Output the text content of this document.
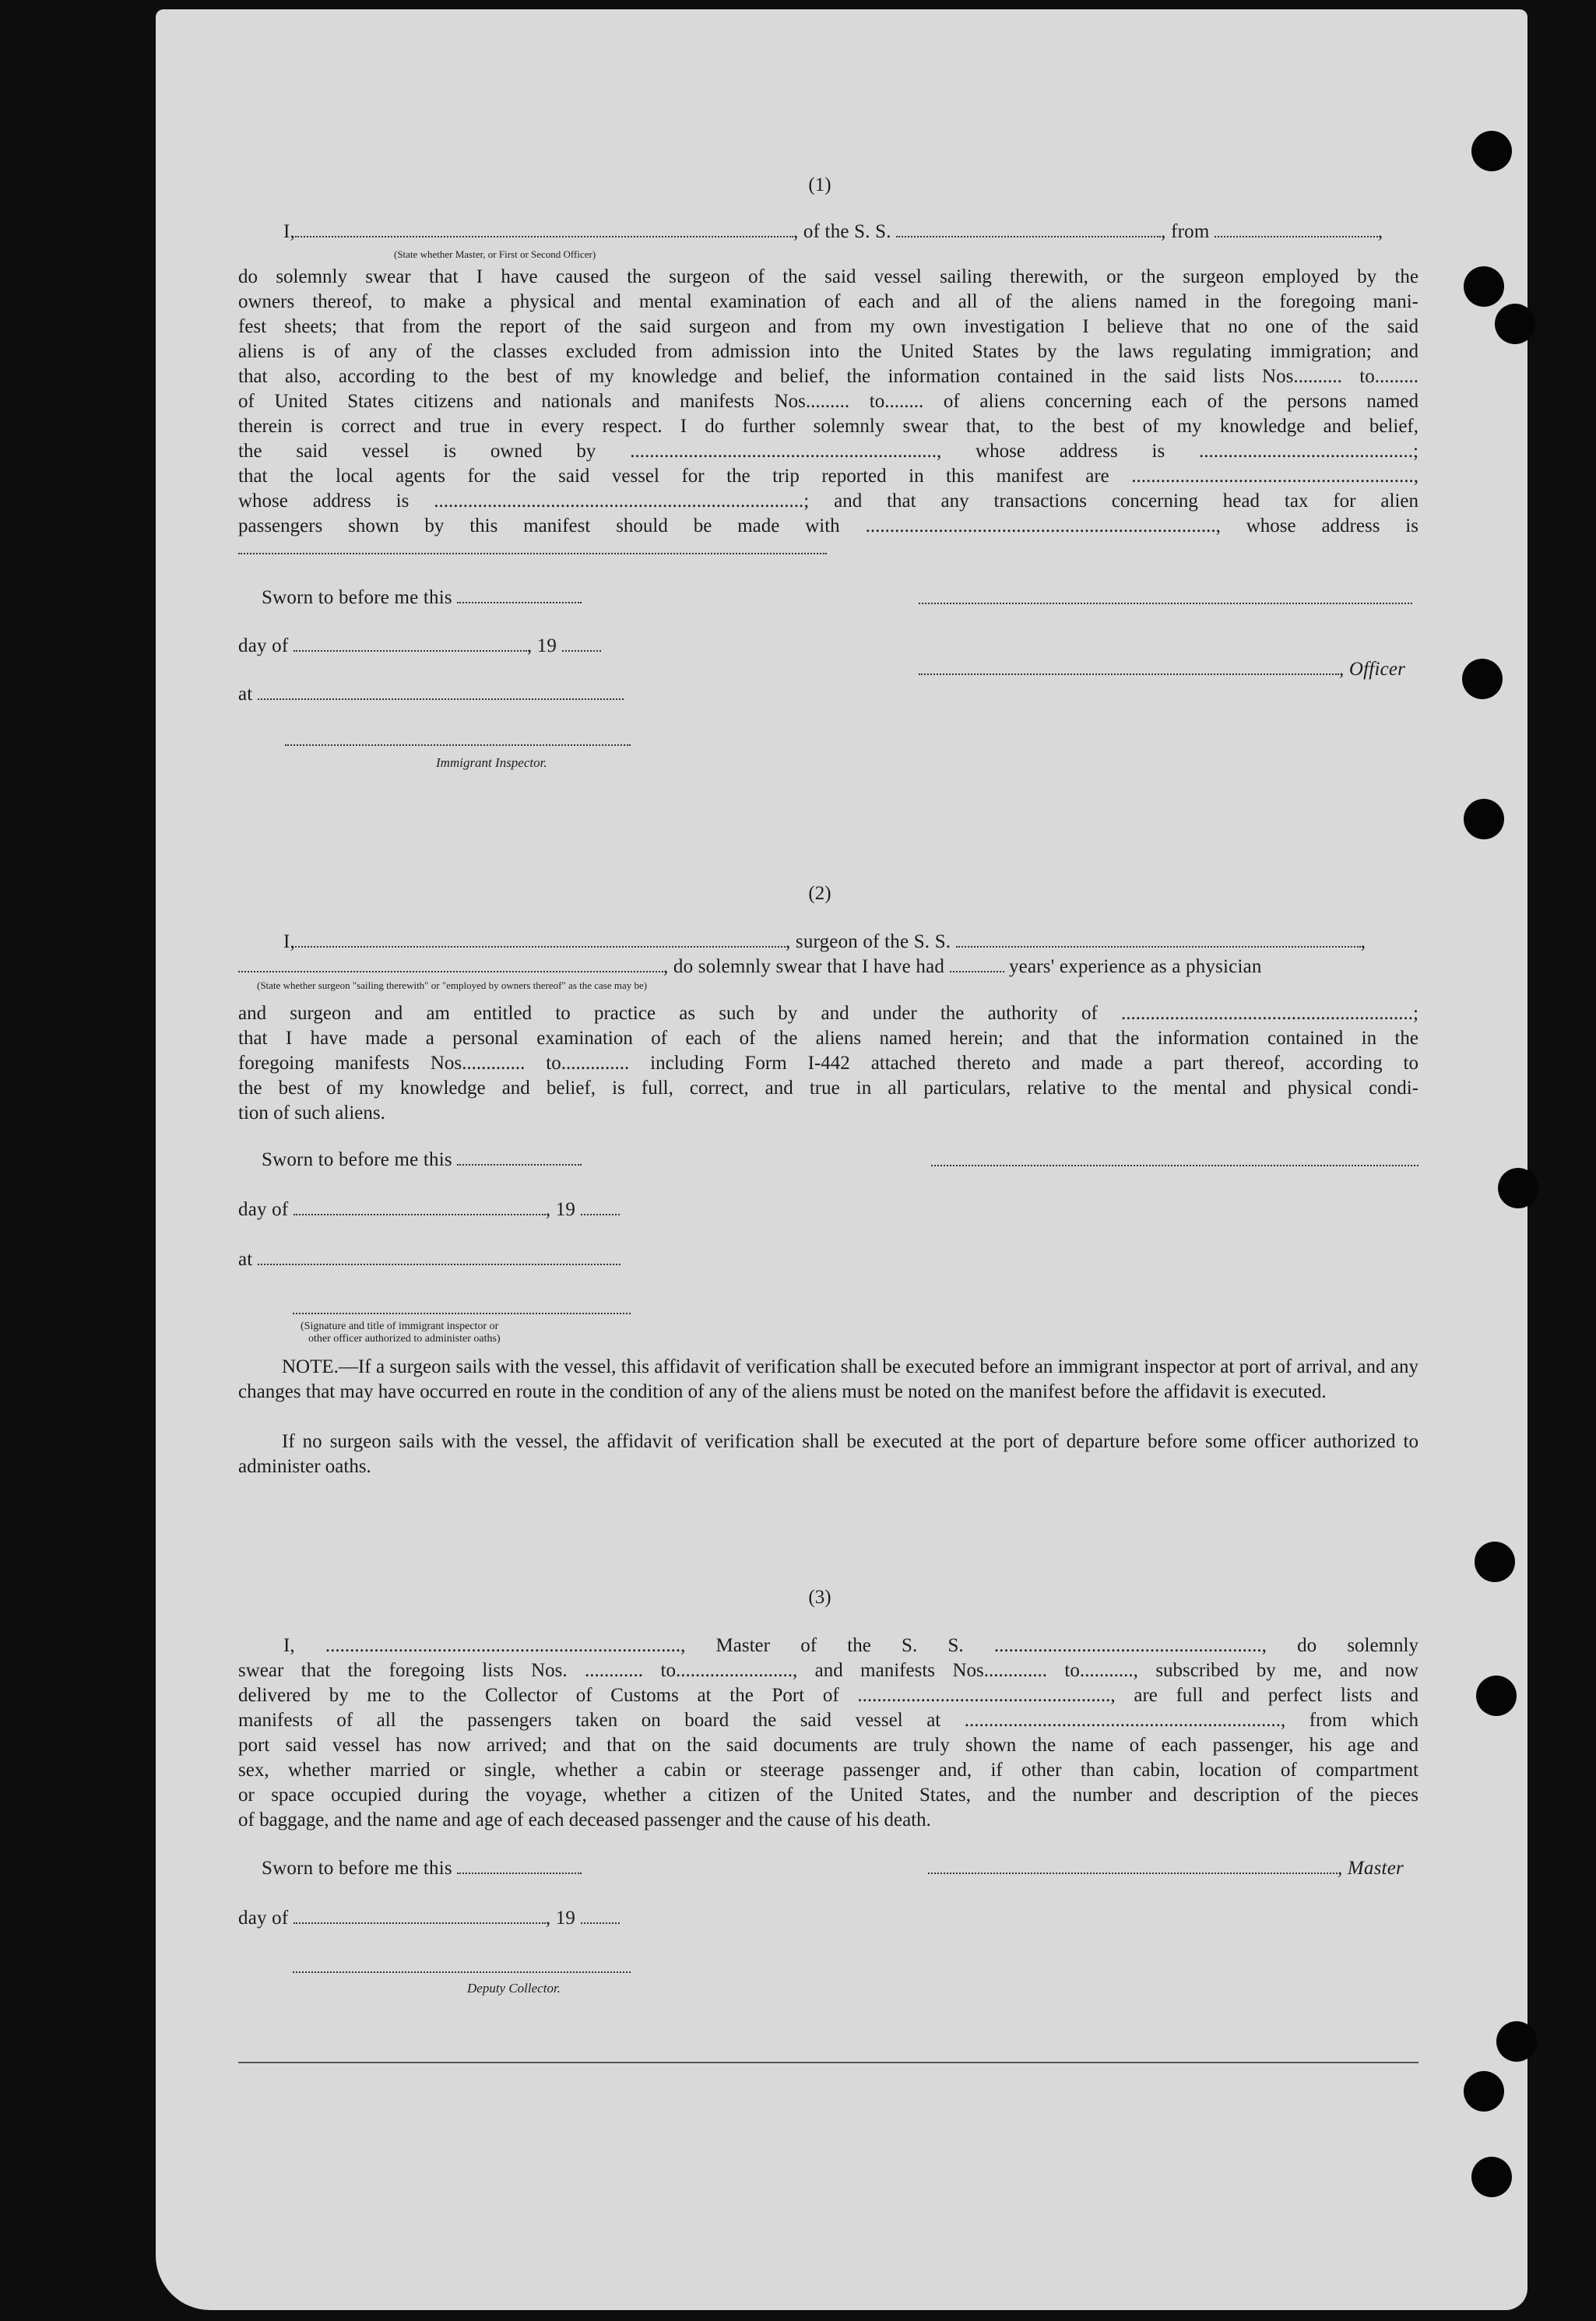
(1)
I,	, of the S. S.	, from	,
(State whether Master, or First or Second Officer)
do solemnly swear that I have caused the surgeon of the said vessel sailing therewith, or the surgeon employed by the
owners thereof, to make a physical and mental examination of each and all of the aliens named in the foregoing mani-
fest sheets; that from the report of the said surgeon and from my own investigation I believe that no one of the said
aliens is of any of the classes excluded from admission into the United States by the laws regulating immigration; and
that also, according to the best of my knowledge and belief, the information contained in the said lists Nos.......... to.........
of United States citizens and nationals and manifests Nos......... to........ of aliens concerning each of the persons named
therein is correct and true in every respect. I do further solemnly swear that, to the best of my knowledge and belief,
the said vessel is owned by ..............................................................., whose address is ............................................;
that the local agents for the said vessel for the trip reported in this manifest are ..........................................................,
whose address is ............................................................................; and that any transactions concerning head tax for alien
passengers shown by this manifest should be made with ........................................................................, whose address is
Sworn to before me this
day of	, 19
, Officer
at
Immigrant Inspector.
(2)
I,	, surgeon of the S. S.	,
, do solemnly swear that I have had	years' experience as a physician
(State whether surgeon "sailing therewith" or "employed by owners thereof" as the case may be)
and surgeon and am entitled to practice as such by and under the authority of ............................................................;
that I have made a personal examination of each of the aliens named herein; and that the information contained in the
foregoing manifests Nos............. to.............. including Form I-442 attached thereto and made a part thereof, according to
the best of my knowledge and belief, is full, correct, and true in all particulars, relative to the mental and physical condi-
tion of such aliens.
Sworn to before me this
day of	, 19
at
(Signature and title of immigrant inspector or
other officer authorized to administer oaths)
NOTE.—If a surgeon sails with the vessel, this affidavit of verification shall be executed before an immigrant inspector at port of arrival, and any changes that may have occurred en route in the condition of any of the aliens must be noted on the manifest before the affidavit is executed.
If no surgeon sails with the vessel, the affidavit of verification shall be executed at the port of departure before some officer authorized to administer oaths.
(3)
I, ........................................................................., Master of the S. S. ......................................................., do solemnly
swear that the foregoing lists Nos. ............ to........................, and manifests Nos............. to..........., subscribed by me, and now
delivered by me to the Collector of Customs at the Port of ...................................................., are full and perfect lists and
manifests of all the passengers taken on board the said vessel at ................................................................., from which
port said vessel has now arrived; and that on the said documents are truly shown the name of each passenger, his age and
sex, whether married or single, whether a cabin or steerage passenger and, if other than cabin, location of compartment
or space occupied during the voyage, whether a citizen of the United States, and the number and description of the pieces
of baggage, and the name and age of each deceased passenger and the cause of his death.
Sworn to before me this	, Master
day of	, 19
Deputy Collector.
